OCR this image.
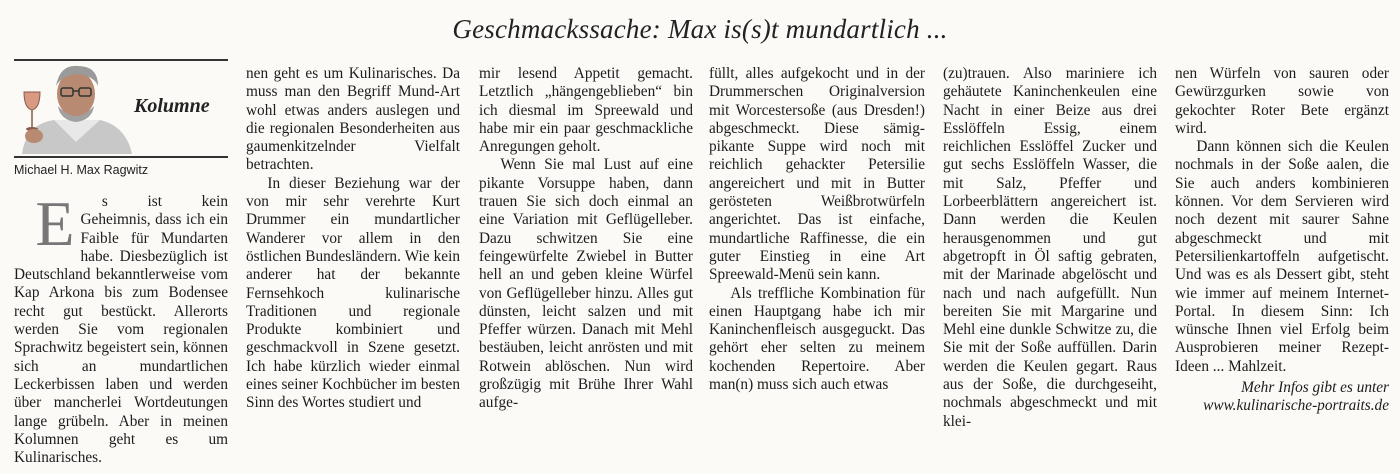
Geschmackssache: Max is(s)t mundartlich ...
Kolumne
Michael H. Max Ragwitz

E s ist kein Geheimnis, dass ich ein Faible für Mundarten habe. Diesbezüglich ist Deutschland bekanntlerweise vom Kap Arkona bis zum Bodensee recht gut bestückt. Allerorts werden Sie vom regionalen Sprachwitz begeistert sein, können sich an mundartlichen Leckerbissen laben und werden über mancherlei Wortdeutungen lange grübeln. Aber in meinen Kolumnen geht es um Kulinarisches.

nen geht es um Kulinarisches. Da muss man den Begriff Mund-Art wohl etwas anders auslegen und die regionalen Besonderheiten aus gaumenkitzelnder Vielfalt betrachten.

In dieser Beziehung war der von mir sehr verehrte Kurt Drummer ein mundartlicher Wanderer vor allem in den östlichen Bundesländern. Wie kein anderer hat der bekannte Fernsehkoch kulinarische Traditionen und regionale Produkte kombiniert und geschmackvoll in Szene gesetzt. Ich habe kürzlich wieder einmal eines seiner Kochbücher im besten Sinn des Wortes studiert und

mir lesend Appetit gemacht. Letztlich „hängengeblieben“ bin ich diesmal im Spreewald und habe mir ein paar geschmackliche Anregungen geholt.

Wenn Sie mal Lust auf eine pikante Vorsuppe haben, dann trauen Sie sich doch einmal an eine Variation mit Geflügelleber. Dazu schwitzen Sie eine feingewürfelte Zwiebel in Butter hell an und geben kleine Würfel von Geflügelleber hinzu. Alles gut dünsten, leicht salzen und mit Pfeffer würzen. Danach mit Mehl bestäuben, leicht anrösten und mit Rotwein ablöschen. Nun wird großzügig mit Brühe Ihrer Wahl aufge-

füllt, alles aufgekocht und in der Drummerschen Originalversion mit Worcestersoße (aus Dresden!) abgeschmeckt. Diese sämig-pikante Suppe wird noch mit reichlich gehackter Petersilie angereichert und mit in Butter gerösteten Weißbrotwürfeln angerichtet. Das ist einfache, mundartliche Raffinesse, die ein guter Einstieg in eine Art Spreewald-Menü sein kann.

Als treffliche Kombination für einen Hauptgang habe ich mir Kaninchenfleisch ausgeguckt. Das gehört eher selten zu meinem kochenden Repertoire. Aber man(n) muss sich auch etwas

(zu)trauen. Also mariniere ich gehäutete Kaninchenkeulen eine Nacht in einer Beize aus drei Esslöffeln Essig, einem reichlichen Esslöffel Zucker und gut sechs Esslöffeln Wasser, die mit Salz, Pfeffer und Lorbeerblättern angereichert ist. Dann werden die Keulen herausgenommen und gut abgetropft in Öl saftig gebraten, mit der Marinade abgelöscht und nach und nach aufgefüllt. Nun bereiten Sie mit Margarine und Mehl eine dunkle Schwitze zu, die Sie mit der Soße auffüllen. Darin werden die Keulen gegart. Raus aus der Soße, die durchgeseiht, nochmals abgeschmeckt und mit klei-

nen Würfeln von sauren oder Gewürzgurken sowie von gekochter Roter Bete ergänzt wird.

Dann können sich die Keulen nochmals in der Soße aalen, die Sie auch anders kombinieren können. Vor dem Servieren wird noch dezent mit saurer Sahne abgeschmeckt und mit Petersilienkartoffeln aufgetischt. Und was es als Dessert gibt, steht wie immer auf meinem Internet-Portal. In diesem Sinn: Ich wünsche Ihnen viel Erfolg beim Ausprobieren meiner Rezept-Ideen ... Mahlzeit.

Mehr Infos gibt es unter www.kulinarische-portraits.de
